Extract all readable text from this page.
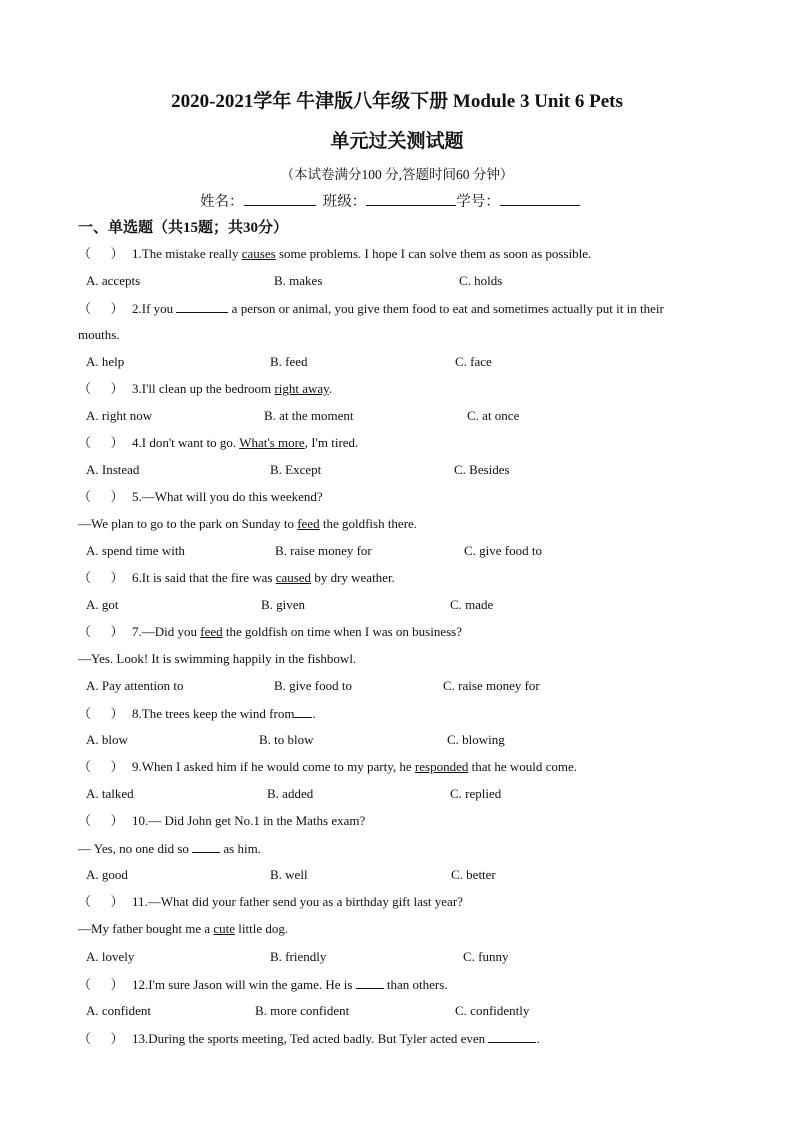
2020-2021学年 牛津版八年级下册 Module 3 Unit 6 Pets
单元过关测试题
（本试卷满分100 分,答题时间60 分钟）
姓名：	班级：	学号：
一、单选题（共15题；共30分）
（      ） 1.The mistake really causes some problems. I hope I can solve them as soon as possible.
A. accepts	B. makes	C. holds
（      ） 2.If you	a person or animal, you give them food to eat and sometimes actually put it in their
mouths.
A. help	B. feed	C. face
（      ） 3.I'll clean up the bedroom right away.
A. right now	B. at the moment	C. at once
（      ） 4.I don't want to go. What's more, I'm tired.
A. Instead	B. Except	C. Besides
（      ） 5.—What will you do this weekend?
—We plan to go to the park on Sunday to feed the goldfish there.
A. spend time with	B. raise money for	C. give food to
（      ） 6.It is said that the fire was caused by dry weather.
A. got	B. given	C. made
（      ） 7.—Did you feed the goldfish on time when I was on business?
—Yes. Look! It is swimming happily in the fishbowl.
A. Pay attention to	B. give food to	C. raise money for
（      ） 8.The trees keep the wind from .
A. blow	B. to blow	C. blowing
（      ） 9.When I asked him if he would come to my party, he responded that he would come.
A. talked	B. added	C. replied
（      ） 10.— Did John get No.1 in the Maths exam?
— Yes, no one did so  as him.
A. good	B. well	C. better
（      ） 11.—What did your father send you as a birthday gift last year?
—My father bought me a cute little dog.
A. lovely	B. friendly	C. funny
（      ） 12.I'm sure Jason will win the game. He is  than others.
A. confident	B. more confident	C. confidently
（      ） 13.During the sports meeting, Ted acted badly. But Tyler acted even	.
